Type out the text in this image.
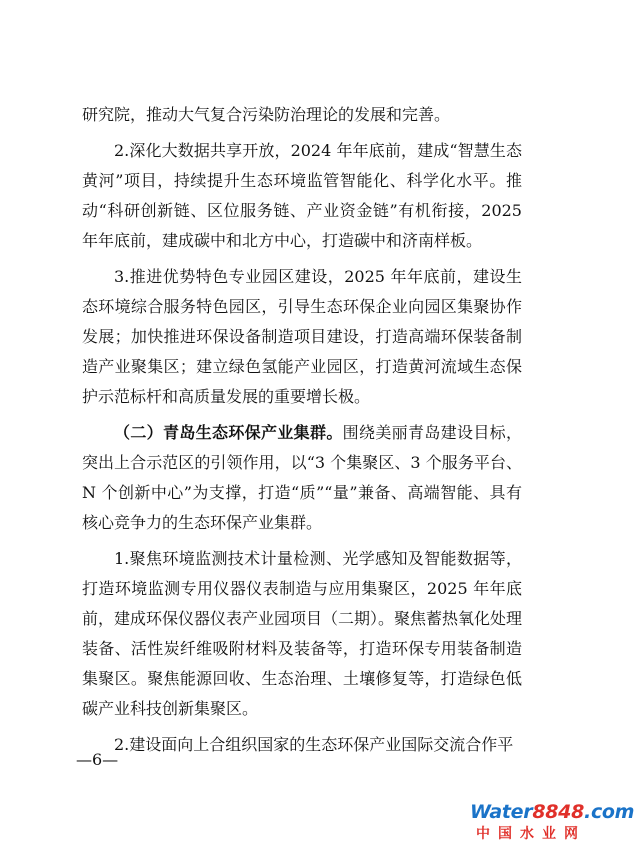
研究院，推动大气复合污染防治理论的发展和完善。

2.深化大数据共享开放，2024 年年底前，建成“智慧生态黄河”项目，持续提升生态环境监管智能化、科学化水平。推动“科研创新链、区位服务链、产业资金链”有机衔接，2025 年年底前，建成碳中和北方中心，打造碳中和济南样板。

3.推进优势特色专业园区建设，2025 年年底前，建设生态环境综合服务特色园区，引导生态环保企业向园区集聚协作发展；加快推进环保设备制造项目建设，打造高端环保装备制造产业聚集区；建立绿色氢能产业园区，打造黄河流域生态保护示范标杆和高质量发展的重要增长极。

（二）青岛生态环保产业集群。围绕美丽青岛建设目标，突出上合示范区的引领作用，以“3 个集聚区、3 个服务平台、N 个创新中心”为支撑，打造“质”“量”兼备、高端智能、具有核心竞争力的生态环保产业集群。

1.聚焦环境监测技术计量检测、光学感知及智能数据等，打造环境监测专用仪器仪表制造与应用集聚区，2025 年年底前，建成环保仪器仪表产业园项目（二期）。聚焦蓄热氧化处理装备、活性炭纤维吸附材料及装备等，打造环保专用装备制造集聚区。聚焦能源回收、生态治理、土壤修复等，打造绿色低碳产业科技创新集聚区。

2.建设面向上合组织国家的生态环保产业国际交流合作平

—6—
Water8848.com
中国水业网
